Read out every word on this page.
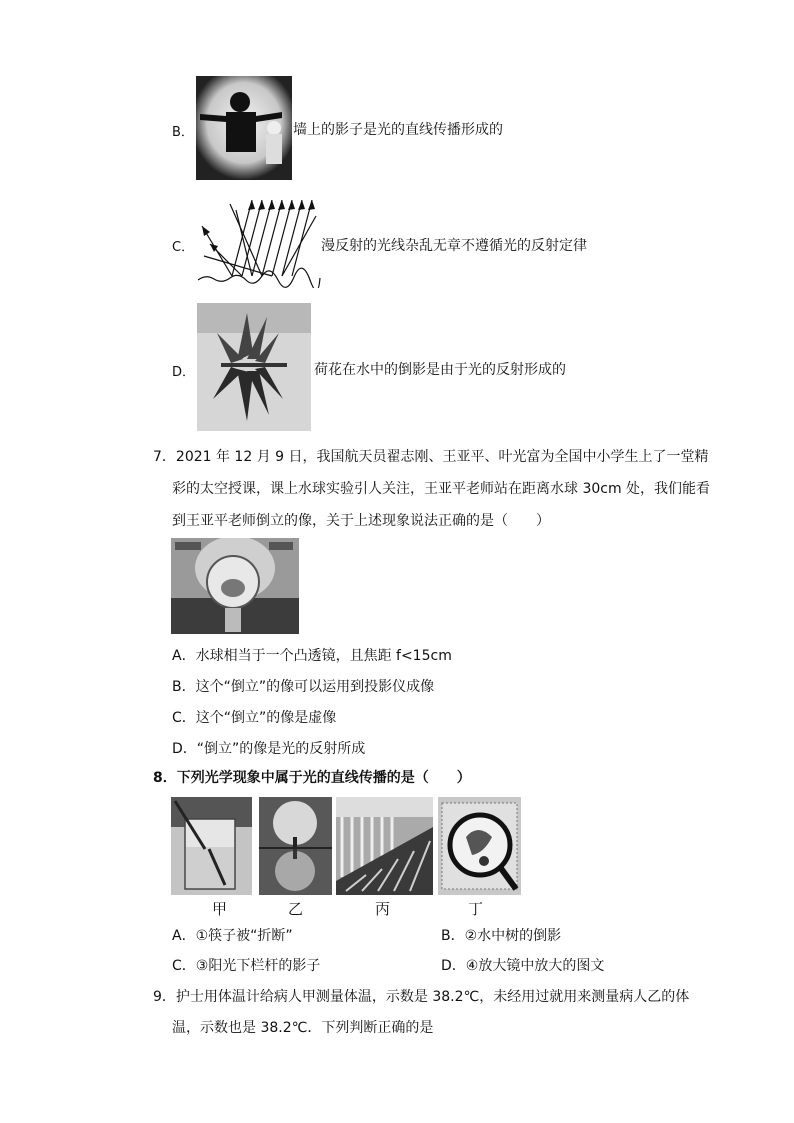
B．	墙上的影子是光的直线传播形成的
C．	漫反射的光线杂乱无章不遵循光的反射定律
D．	荷花在水中的倒影是由于光的反射形成的
7．2021 年 12 月 9 日，我国航天员翟志刚、王亚平、叶光富为全国中小学生上了一堂精
彩的太空授课，课上水球实验引人关注，王亚平老师站在距离水球 30cm 处，我们能看
到王亚平老师倒立的像，关于上述现象说法正确的是（　　）
A．水球相当于一个凸透镜，且焦距 f<15cm
B．这个“倒立”的像可以运用到投影仪成像
C．这个“倒立”的像是虚像
D．“倒立”的像是光的反射所成
8．下列光学现象中属于光的直线传播的是（　　）
甲	乙	丙	丁
A．①筷子被“折断”	B．②水中树的倒影
C．③阳光下栏杆的影子	D．④放大镜中放大的图文
9．护士用体温计给病人甲测量体温，示数是 38.2℃，未经用过就用来测量病人乙的体
温，示数也是 38.2℃．下列判断正确的是
